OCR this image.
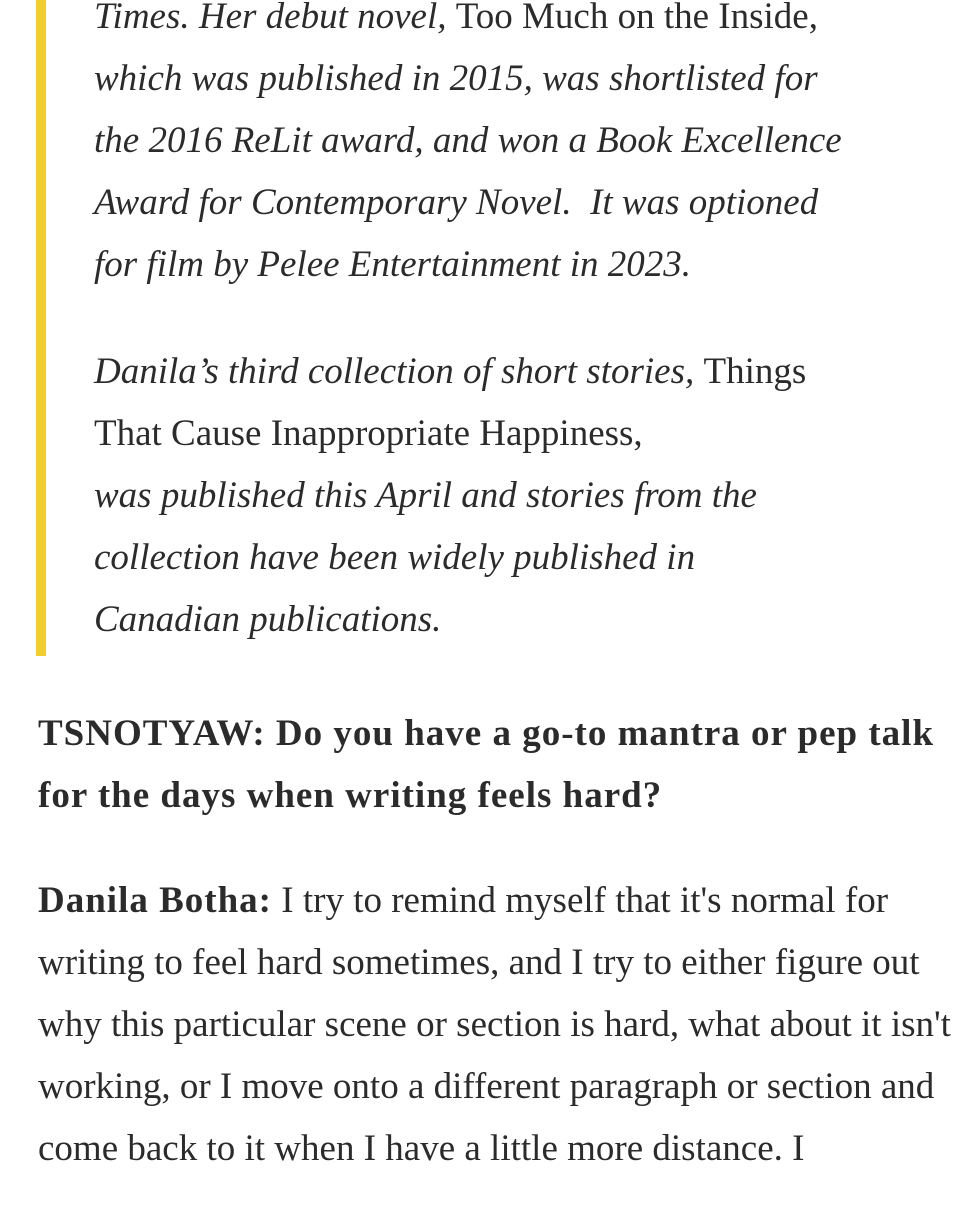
Times. Her debut novel, Too Much on the Inside,
which was published in 2015, was shortlisted for
the 2016 ReLit award, and won a Book Excellence
Award for Contemporary Novel.  It was optioned
for film by Pelee Entertainment in 2023.

Danila’s third collection of short stories, Things
That Cause Inappropriate Happiness,
was published this April and stories from the
collection have been widely published in
Canadian publications.

TSNOTYAW: Do you have a go-to mantra or pep talk for the days when writing feels hard?

Danila Botha: I try to remind myself that it's normal for writing to feel hard sometimes, and I try to either figure out why this particular scene or section is hard, what about it isn't working, or I move onto a different paragraph or section and come back to it when I have a little more distance. I
